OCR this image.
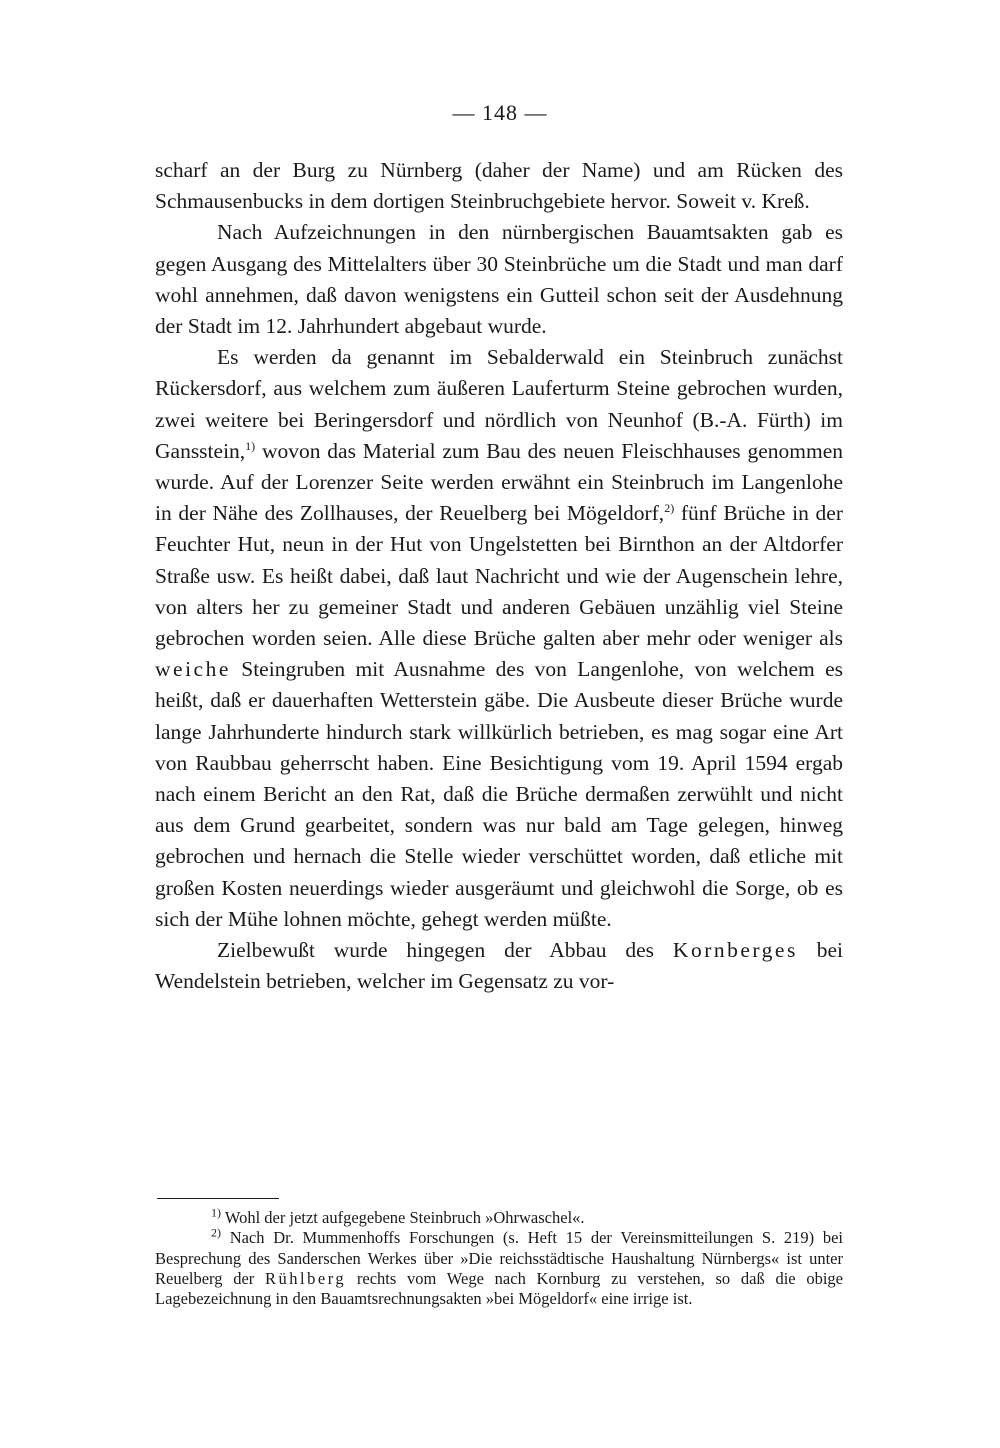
— 148 —

scharf an der Burg zu Nürnberg (daher der Name) und am Rücken des Schmausenbucks in dem dortigen Steinbruchgebiete hervor. Soweit v. Kreß.

Nach Aufzeichnungen in den nürnbergischen Bauamtsakten gab es gegen Ausgang des Mittelalters über 30 Steinbrüche um die Stadt und man darf wohl annehmen, daß davon wenigstens ein Gutteil schon seit der Ausdehnung der Stadt im 12. Jahrhundert abgebaut wurde.

Es werden da genannt im Sebalderwald ein Steinbruch zunächst Rückersdorf, aus welchem zum äußeren Lauferturm Steine gebrochen wurden, zwei weitere bei Beringersdorf und nördlich von Neunhof (B.-A. Fürth) im Gansstein,$^{1)}$ wovon das Material zum Bau des neuen Fleischhauses genommen wurde. Auf der Lorenzer Seite werden erwähnt ein Steinbruch im Langenlohe in der Nähe des Zollhauses, der Reuelberg bei Mögeldorf,$^{2)}$ fünf Brüche in der Feuchter Hut, neun in der Hut von Ungelstetten bei Birnthon an der Altdorfer Straße usw. Es heißt dabei, daß laut Nachricht und wie der Augenschein lehre, von alters her zu gemeiner Stadt und anderen Gebäuen unzählig viel Steine gebrochen worden seien. Alle diese Brüche galten aber mehr oder weniger als weiche Steingruben mit Ausnahme des von Langenlohe, von welchem es heißt, daß er dauerhaften Wetterstein gäbe. Die Ausbeute dieser Brüche wurde lange Jahrhunderte hindurch stark willkürlich betrieben, es mag sogar eine Art von Raubbau geherrscht haben. Eine Besichtigung vom 19. April 1594 ergab nach einem Bericht an den Rat, daß die Brüche dermaßen zerwühlt und nicht aus dem Grund gearbeitet, sondern was nur bald am Tage gelegen, hinweg gebrochen und hernach die Stelle wieder verschüttet worden, daß etliche mit großen Kosten neuerdings wieder ausgeräumt und gleichwohl die Sorge, ob es sich der Mühe lohnen möchte, gehegt werden müßte.

Zielbewußt wurde hingegen der Abbau des Kornberges bei Wendelstein betrieben, welcher im Gegensatz zu vor-

$^{1)}$ Wohl der jetzt aufgegebene Steinbruch »Ohrwaschel«.

$^{2)}$ Nach Dr. Mummenhoffs Forschungen (s. Heft 15 der Vereinsmitteilungen S. 219) bei Besprechung des Sanderschen Werkes über »Die reichsstädtische Haushaltung Nürnbergs« ist unter Reuelberg der Rühlberg rechts vom Wege nach Kornburg zu verstehen, so daß die obige Lagebezeichnung in den Bauamtsrechnungsakten »bei Mögeldorf« eine irrige ist.
